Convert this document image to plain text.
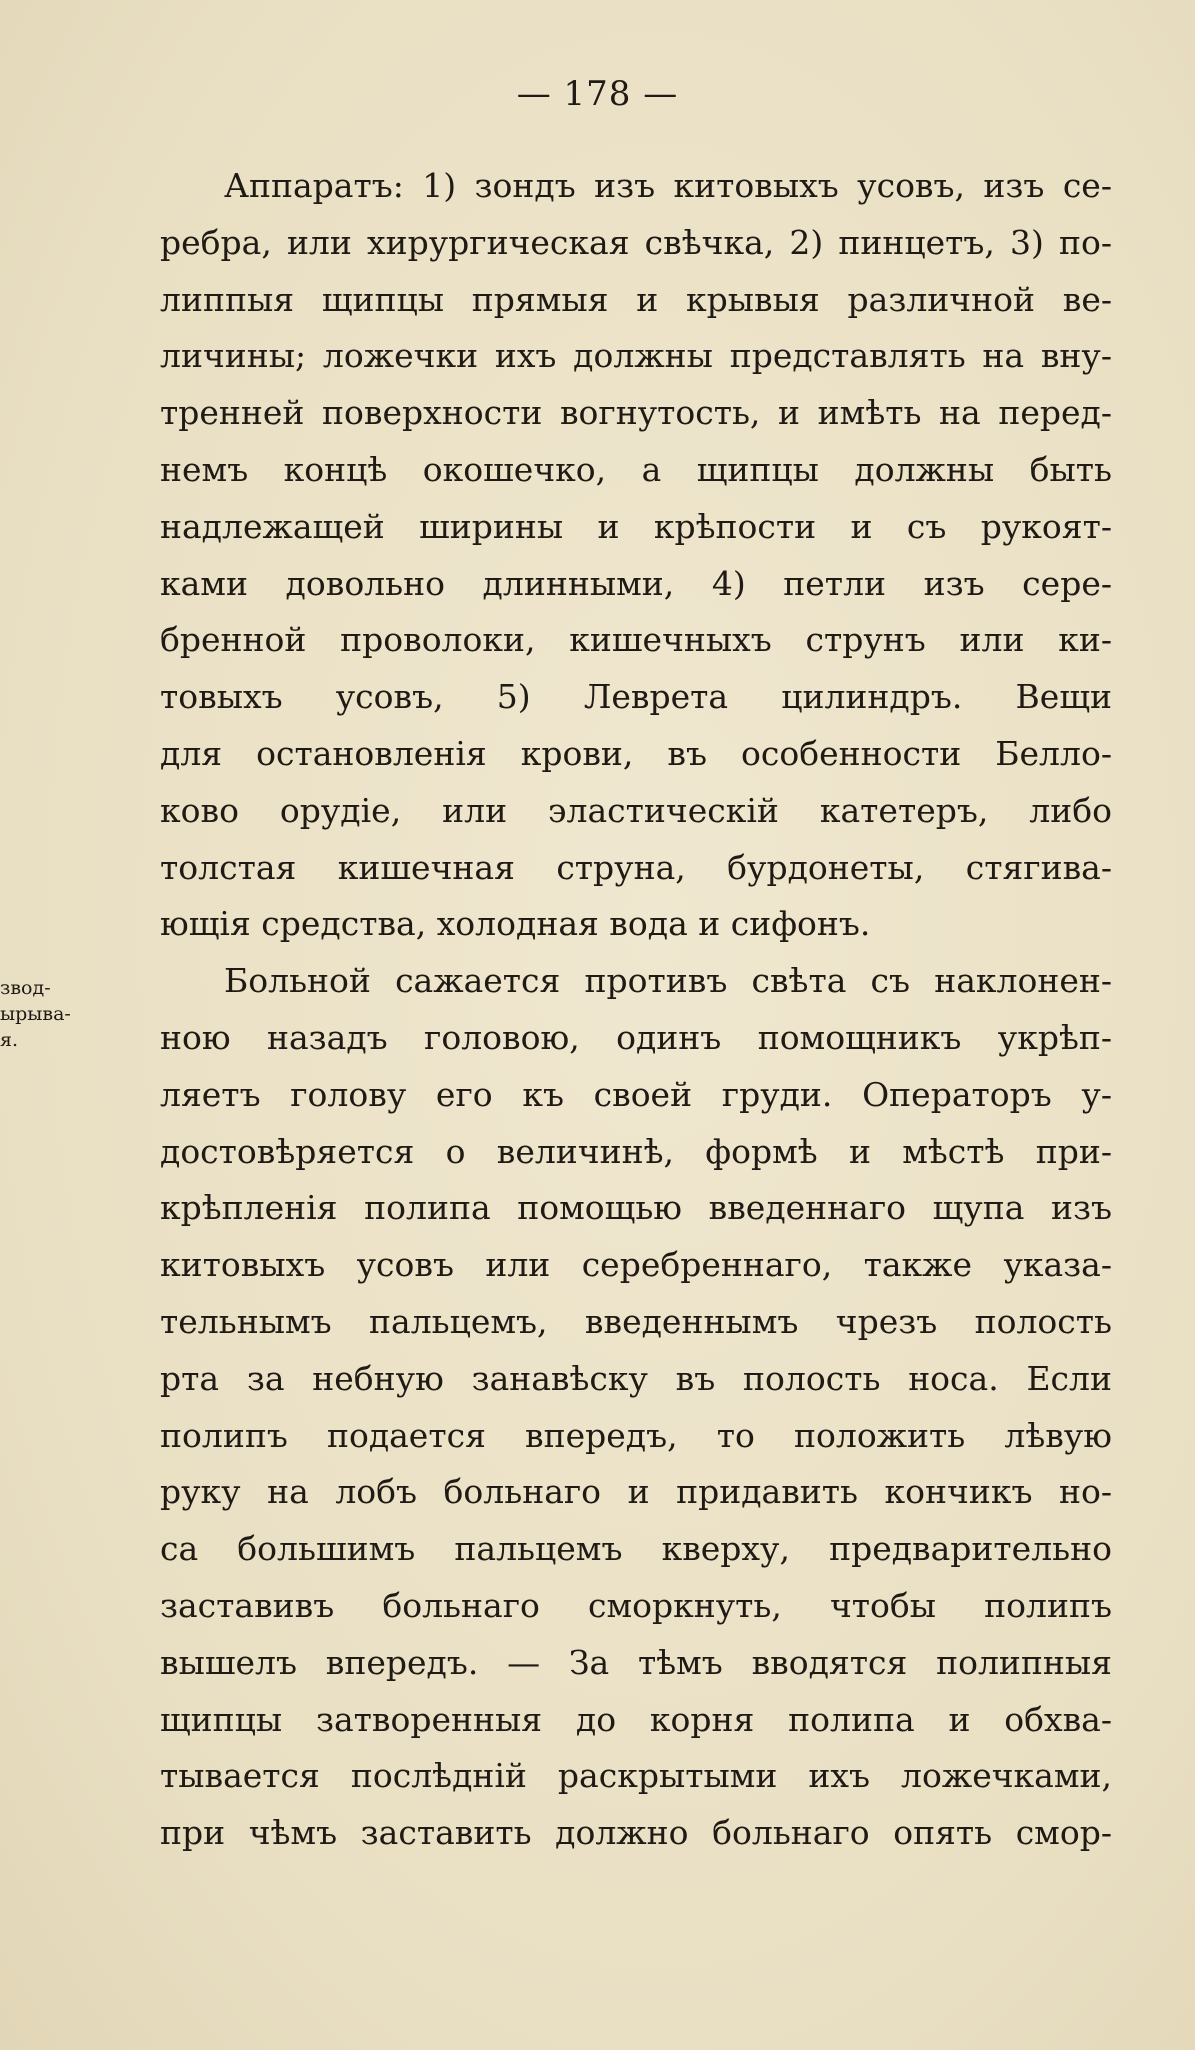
— 178 —
звод-
ырыва-
я.
Аппаратъ: 1) зондъ изъ китовыхъ усовъ, изъ се-
ребра, или хирургическая свѣчка, 2) пинцетъ, 3) по-
липпыя щипцы прямыя и крывыя различной ве-
личины; ложечки ихъ должны представлять на вну-
тренней поверхности вогнутость, и имѣть на перед-
немъ концѣ окошечко, а щипцы должны быть
надлежащей ширины и крѣпости и съ рукоят-
ками довольно длинными, 4) петли изъ сере-
бренной проволоки, кишечныхъ струнъ или ки-
товыхъ усовъ, 5) Леврета цилиндръ. Вещи
для остановленія крови, въ особенности Белло-
ково орудіе, или эластическій катетеръ, либо
толстая кишечная струна, бурдонеты, стягива-
ющія средства, холодная вода и сифонъ.
Больной сажается противъ свѣта съ наклонен-
ною назадъ головою, одинъ помощникъ укрѣп-
ляетъ голову его къ своей груди. Операторъ у-
достовѣряется о величинѣ, формѣ и мѣстѣ при-
крѣпленія полипа помощью введеннаго щупа изъ
китовыхъ усовъ или серебреннаго, также указа-
тельнымъ пальцемъ, введеннымъ чрезъ полость
рта за небную занавѣску въ полость носа. Если
полипъ подается впередъ, то положить лѣвую
руку на лобъ больнаго и придавить кончикъ но-
са большимъ пальцемъ кверху, предварительно
заставивъ больнаго сморкнуть, чтобы полипъ
вышелъ впередъ. — За тѣмъ вводятся полипныя
щипцы затворенныя до корня полипа и обхва-
тывается послѣдній раскрытыми ихъ ложечками,
при чѣмъ заставить должно больнаго опять смор-
